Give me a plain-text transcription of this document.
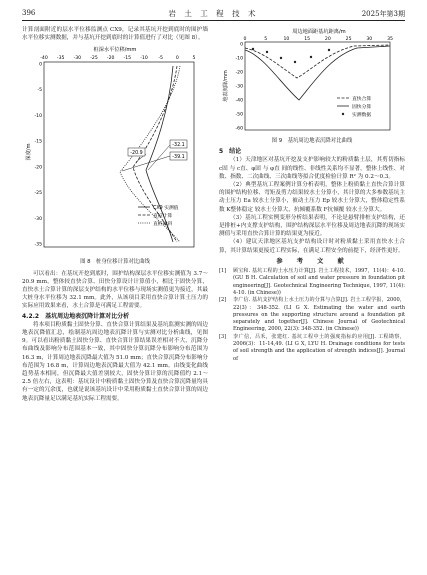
396	岩 土 工 程 技 术	2025年第3期

计算剖面附近的层水平位移监测点 CX9，记录其基坑开挖到底时的围护墙水平位移实测数据，并与基坑开挖到底时的计算值进行了对比（见图 8）。

桩深水平位移/mm
-40 -35 -30 -25 -20 -15 -10 -5	0	5
0
-5
-10
-15
-20
-25
-30
-35
深度/m	-32.1
-20.9
-39.1
CX9 实测值
直桩计算
直桩倾斜
图 8　桩身位移计算对比曲线

可以看出：在基坑开挖到底时，围护结构深层水平位移实测值为 3.7～20.9 mm，整体较直快合算、田快分算设计计算值小，相比于固快分算，直快水土合算计算的深层支护结构的水平位移与现场实测值更为接近，其最大桩身水平位移为 32.1 mm。此外，从该项目采用直快合算计算土压力的实际应用效果来看，水土合算是可满足工程需要。

4.2.2　基坑周边地表沉降计算对比分析

将本项目粉质黏土固快分算、直快合算计算结果及基坑监测实测的周边地表沉降值汇总，绘制基坑周边地表沉降计算与实测对比分析曲线，见图 9。可以看出粉质黏土固快分算、直快合算计算结果误差相对不大，沉降分布曲线及影响分布范围基本一致，其中固快分算沉降分布影响分布范围为 16.3 m，计算周边地表沉降最大值为 51.0 mm；直快合算沉降分布影响分布范围为 16.8 m，计算周边地表沉降最大值为 42.1 mm。由线变化曲线趋势基本相同，但沉降最大值差别较大，固快分算计算的沉降值约 2.1～2.5 倍左右，这表明：基坑设计中粉质黏土固快分算及直快合算沉降量均具有一定的冗余度，也就是说该基坑设计中采用粉质黏土直快合算计算的周边地表沉降量足以满足基坑实际工程需要。

周边地面距基坑距离/m
0	5	10	15	20	25	30	35
0
-10
-20
-30
-40
-50
-60
地表沉降/mm	直快合算
固快分算
实测数据
图 9　基坑周边地表沉降对比曲线
5　结论

（1）天津地区对基坑开挖及支护影响较大的粉质黏土层，其剪切指标 c固 与 c直、φ固 与 φ直 间的线性、非线性关系均不显著，整体上线性、对数、指数、二次曲线、三次曲线等拟合优度检验计算 R² 为 0.2～0.3。

（2）典型基坑工程案例计算分析表明，整体上粉质黏土直快合算计算的围护结构位移、弯矩及剪力结果较水土分算小，其计算的大多参数基坑主动土压力 Ea 较水土分算小，被动土压力 Ep 较水土分算大，整体稳定性系数 K整体稳定 较水土分算大，抗倾覆系数 F抗倾覆 较水土分算大。

（3）基坑工程实例变形分析结果表明，不论是悬臂排桩支护结构，还是排桩+内支撑支护结构，围护结构深层水平位移及周边地表沉降的现场实测值与采用直快合算计算的结果更为接近。

（4）建议天津地区基坑支护结构设计时对粉质黏土采用直快水土合算，其计算结果更接近工程实际，在满足工程安全的前提下，经济性更好。

参　考　文　献
[1]	顾宝和. 基坑工程的土水压力计算[J]. 岩土工程技术，1997，11(4)：4-10. (GU B H. Calculation of soil and water pressure in foundation pit engineering[J]. Geotechnical Engineering Technique, 1997, 11(4): 4-10. (in Chinese))
[2]	李广信. 基坑支护结构上水土压力的分算与合算[J]. 岩土工程学报，2000，22(3)：348-352. (LI G X. Estimating the water and earth pressures on the supporting structure around a foundation pit separately and together[J]. Chinese Journal of Geotechnical Engineering, 2000, 22(3): 348-352. (in Chinese))
[3]	李广信，吕禾，张建红. 基坑工程中土的强度指标的应用[J]. 工程勘察，2006(3)：11-14,49. (LI G X, LYU H. Drainage conditions for tests of soil strength and the application of strength indices[J]. Journal of
